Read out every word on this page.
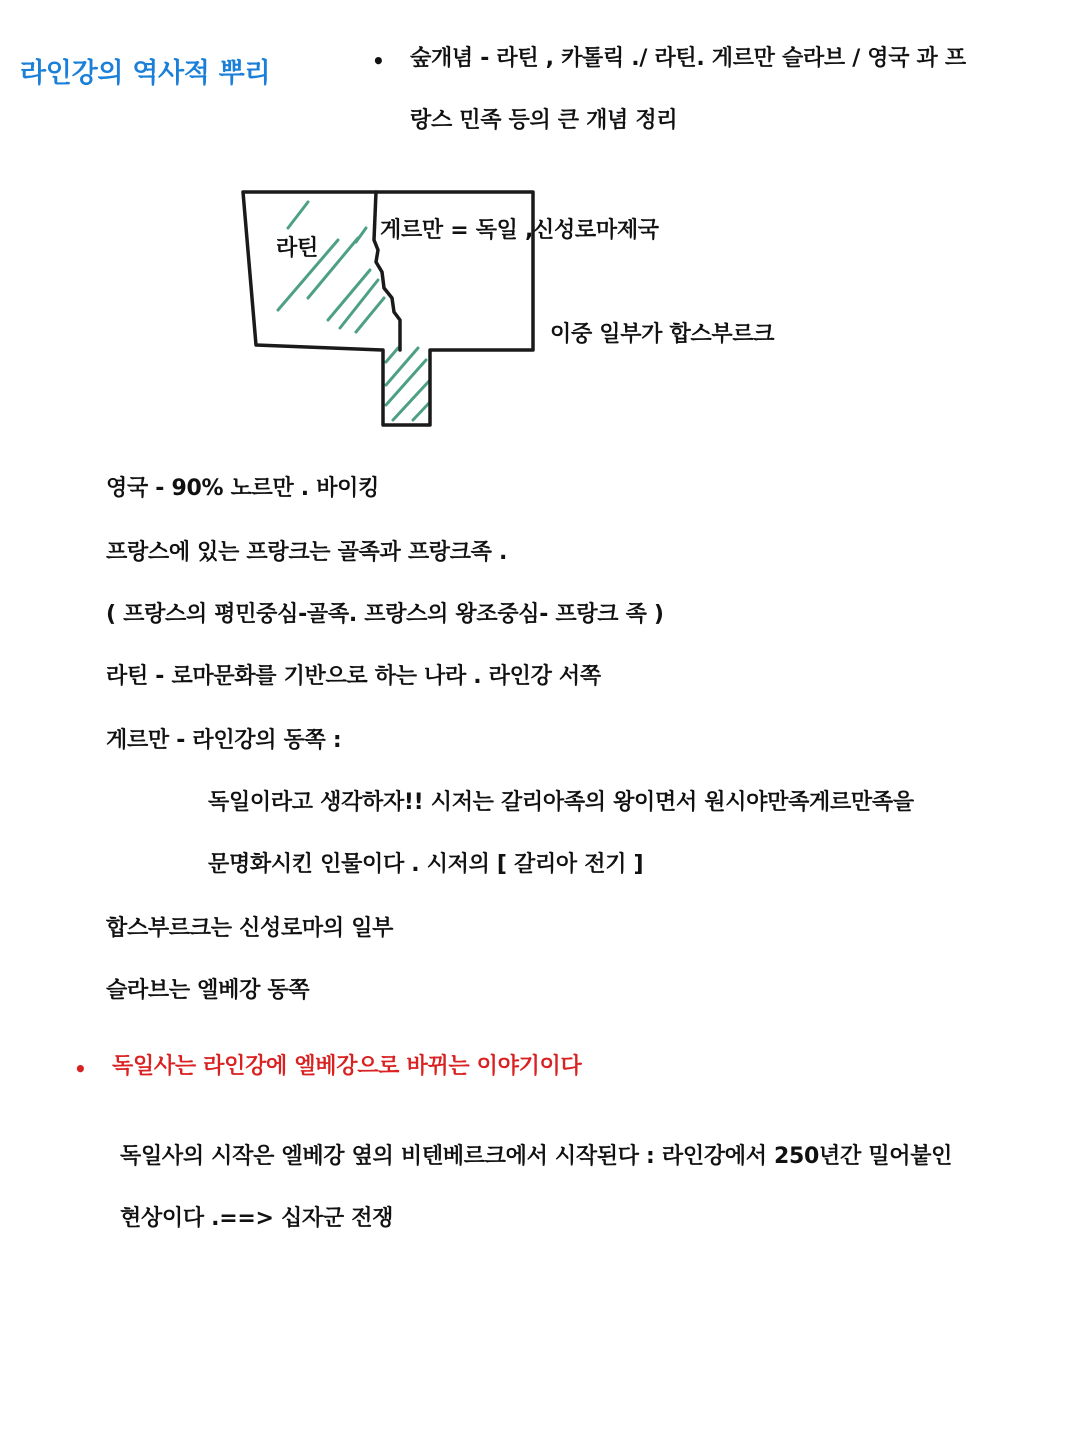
라인강의 역사적 뿌리	• 숲개념 - 라틴 , 카톨릭 ./ 라틴. 게르만 슬라브 / 영국 과 프
랑스 민족 등의 큰 개념 정리
라틴
게르만 = 독일 ,신성로마제국
이중 일부가 합스부르크
영국 - 90% 노르만 . 바이킹
프랑스에 있는 프랑크는 골족과 프랑크족 .
( 프랑스의 평민중심-골족. 프랑스의 왕조중심- 프랑크 족 )
라틴 - 로마문화를 기반으로 하는 나라 . 라인강 서쪽
게르만 - 라인강의 동쪽 :
독일이라고 생각하자!! 시저는 갈리아족의 왕이면서 원시야만족게르만족을
문명화시킨 인물이다 . 시저의 [ 갈리아 전기 ]
합스부르크는 신성로마의 일부
슬라브는 엘베강 동쪽
• 독일사는 라인강에 엘베강으로 바뀌는 이야기이다
독일사의 시작은 엘베강 옆의 비텐베르크에서 시작된다 : 라인강에서 250년간 밀어붙인
현상이다 .==> 십자군 전쟁
